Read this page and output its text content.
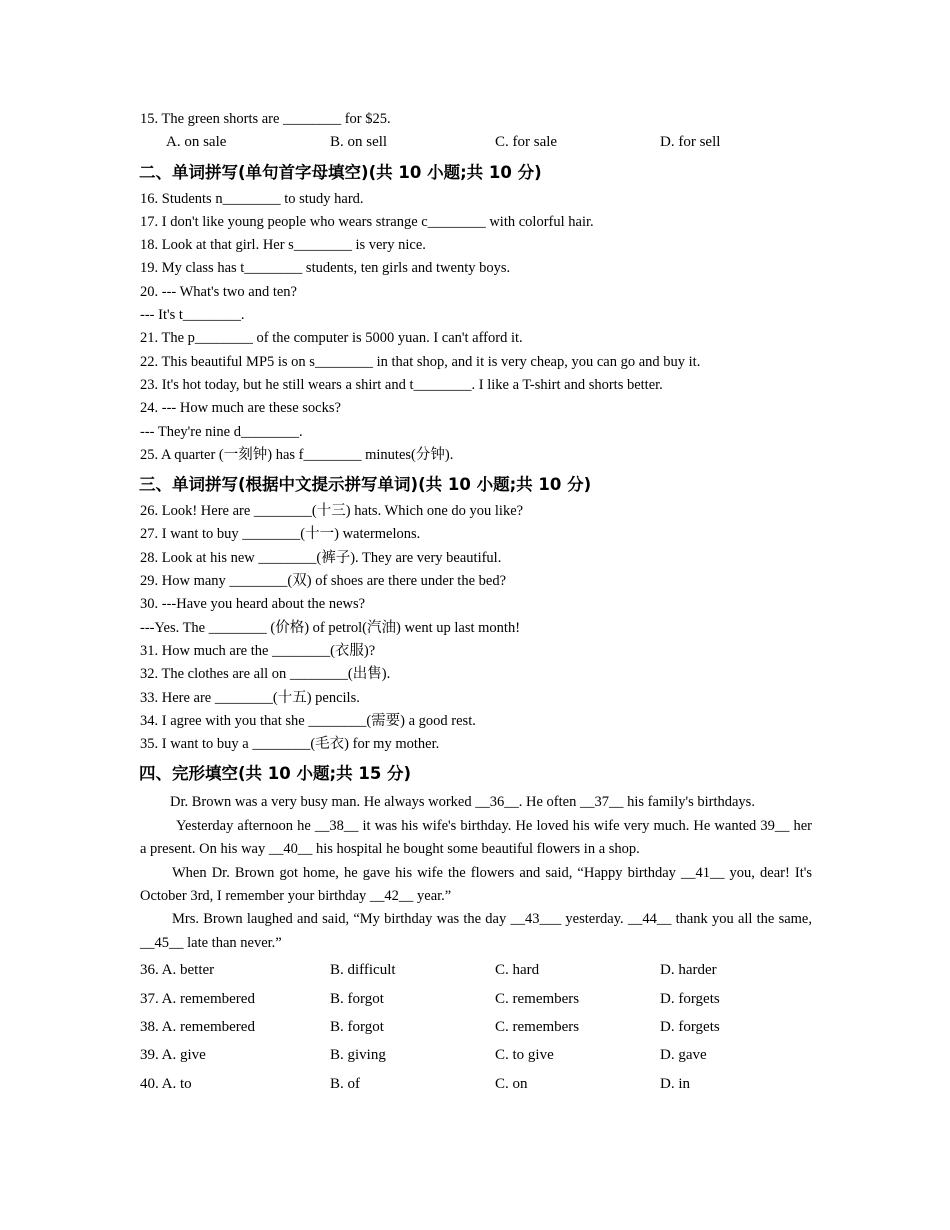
15. The green shorts are ________ for $25.
A. on sale	B. on sell	C. for sale	D. for sell
二、单词拼写(单句首字母填空)(共 10 小题;共 10 分)
16. Students n________ to study hard.
17. I don't like young people who wears strange c________ with colorful hair.
18. Look at that girl. Her s________ is very nice.
19. My class has t________ students, ten girls and twenty boys.
20. --- What's two and ten?
--- It's t________.
21. The p________ of the computer is 5000 yuan. I can't afford it.
22. This beautiful MP5 is on s________ in that shop, and it is very cheap, you can go and buy it.
23. It's hot today, but he still wears a shirt and t________. I like a T-shirt and shorts better.
24. --- How much are these socks?
--- They're nine d________.
25. A quarter (一刻钟) has f________ minutes(分钟).
三、单词拼写(根据中文提示拼写单词)(共 10 小题;共 10 分)
26. Look! Here are ________(十三) hats. Which one do you like?
27. I want to buy ________(十一) watermelons.
28. Look at his new ________(裤子). They are very beautiful.
29. How many ________(双) of shoes are there under the bed?
30. ---Have you heard about the news?
---Yes. The ________ (价格) of petrol(汽油) went up last month!
31. How much are the ________(衣服)?
32. The clothes are all on ________(出售).
33. Here are ________(十五) pencils.
34. I agree with you that she ________(需要) a good rest.
35. I want to buy a ________(毛衣) for my mother.
四、完形填空(共 10 小题;共 15 分)
Dr. Brown was a very busy man. He always worked __36__. He often __37__ his family's birthdays.
Yesterday afternoon he __38__ it was his wife's birthday. He loved his wife very much. He wanted 39__ her a present. On his way __40__ his hospital he bought some beautiful flowers in a shop.
When Dr. Brown got home, he gave his wife the flowers and said, “Happy birthday __41__ you, dear! It's October 3rd, I remember your birthday __42__ year.”
Mrs. Brown laughed and said, “My birthday was the day __43___ yesterday. __44__ thank you all the same, __45__ late than never.”
36. A. better	B. difficult	C. hard	D. harder
37. A. remembered	B. forgot	C. remembers	D. forgets
38. A. remembered	B. forgot	C. remembers	D. forgets
39. A. give	B. giving	C. to give	D. gave
40. A. to	B. of	C. on	D. in
